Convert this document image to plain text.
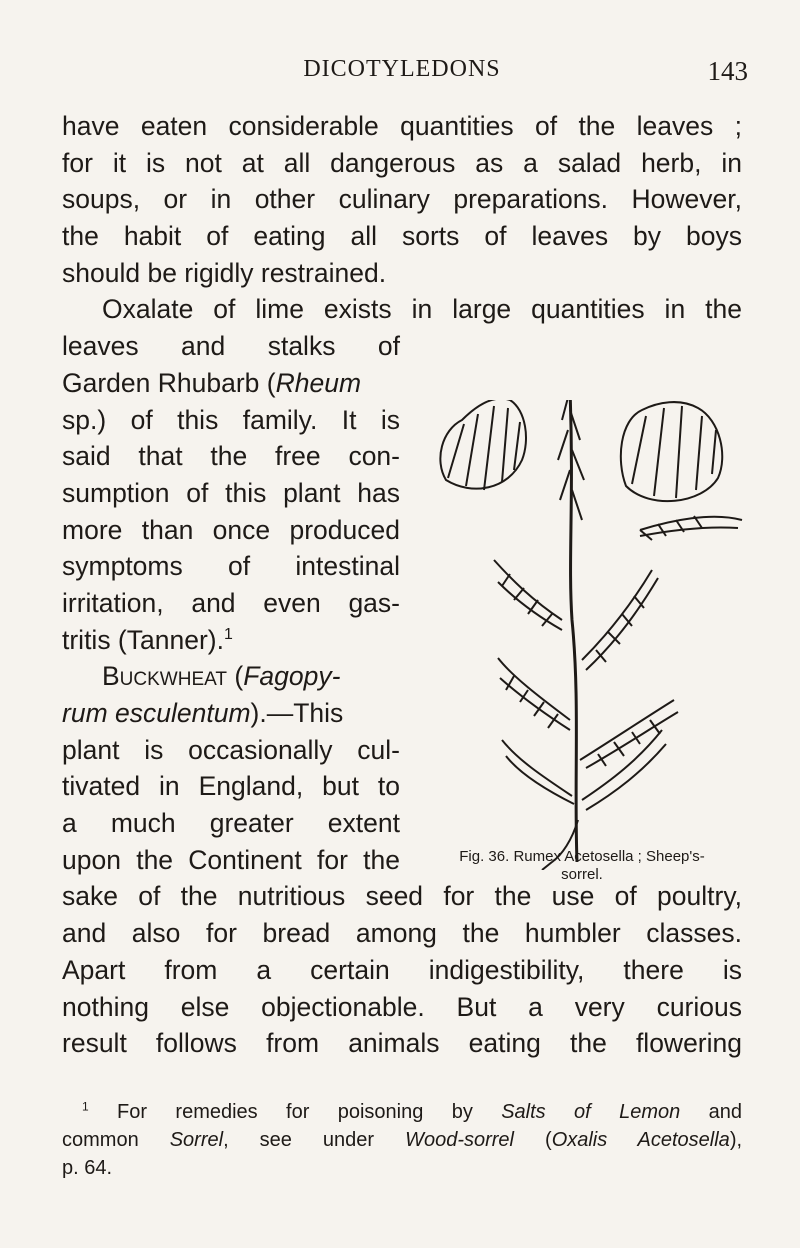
DICOTYLEDONS	143
have eaten considerable quantities of the leaves ;
for it is not at all dangerous as a salad herb, in
soups, or in other culinary preparations. However,
the habit of eating all sorts of leaves by boys
should be rigidly restrained.
Oxalate of lime exists in large quantities in the
leaves and stalks of
Garden Rhubarb (Rheum
sp.) of this family. It is
said that the free con-
sumption of this plant has
more than once produced
symptoms of intestinal
irritation, and even gas-
tritis (Tanner).$^1$
Buckwheat (Fagopy-
rum esculentum).—This
plant is occasionally cul-
tivated in England, but to
a much greater extent
upon the Continent for the
sake of the nutritious seed for the use of poultry,
and also for bread among the humbler classes.
Apart from a certain indigestibility, there is
nothing else objectionable. But a very curious
result follows from animals eating the flowering
Fig. 36. Rumex Acetosella ; Sheep's-
sorrel.
$^1$ For remedies for poisoning by Salts of Lemon and
common Sorrel, see under Wood-sorrel (Oxalis Acetosella),
p. 64.
